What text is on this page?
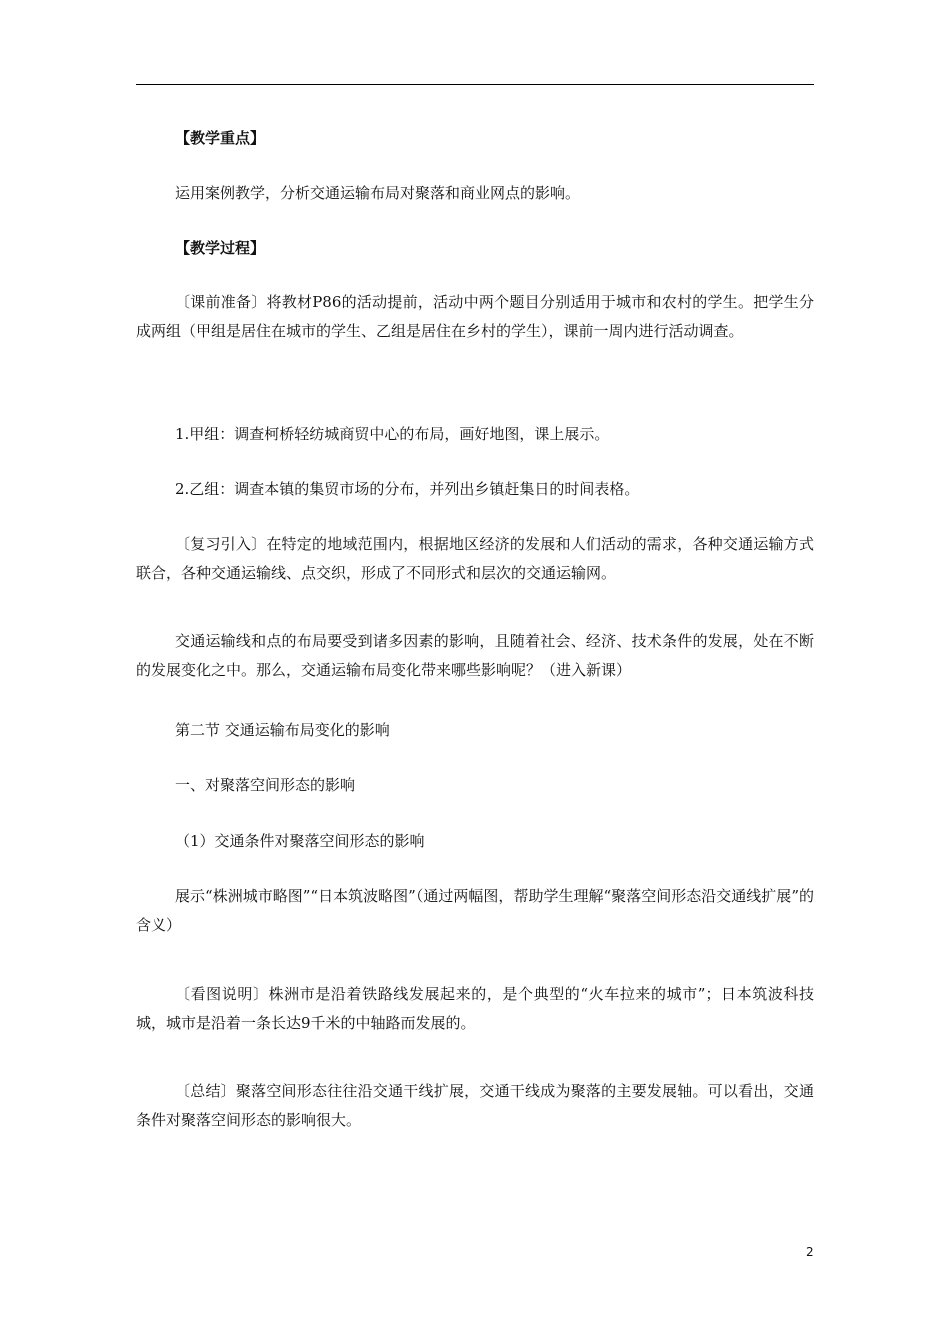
【教学重点】

运用案例教学，分析交通运输布局对聚落和商业网点的影响。

【教学过程】

〔课前准备〕将教材P86的活动提前，活动中两个题目分别适用于城市和农村的学生。把学生分成两组（甲组是居住在城市的学生、乙组是居住在乡村的学生），课前一周内进行活动调查。

1.甲组：调查柯桥轻纺城商贸中心的布局，画好地图，课上展示。

2.乙组：调查本镇的集贸市场的分布，并列出乡镇赶集日的时间表格。

〔复习引入〕在特定的地域范围内，根据地区经济的发展和人们活动的需求，各种交通运输方式联合，各种交通运输线、点交织，形成了不同形式和层次的交通运输网。

交通运输线和点的布局要受到诸多因素的影响，且随着社会、经济、技术条件的发展，处在不断的发展变化之中。那么，交通运输布局变化带来哪些影响呢？（进入新课）

第二节 交通运输布局变化的影响

一、对聚落空间形态的影响

（1）交通条件对聚落空间形态的影响

展示“株洲城市略图”“日本筑波略图”（通过两幅图，帮助学生理解“聚落空间形态沿交通线扩展”的含义）

〔看图说明〕株洲市是沿着铁路线发展起来的，是个典型的“火车拉来的城市”；日本筑波科技城，城市是沿着一条长达9千米的中轴路而发展的。

〔总结〕聚落空间形态往往沿交通干线扩展，交通干线成为聚落的主要发展轴。可以看出，交通条件对聚落空间形态的影响很大。

2
